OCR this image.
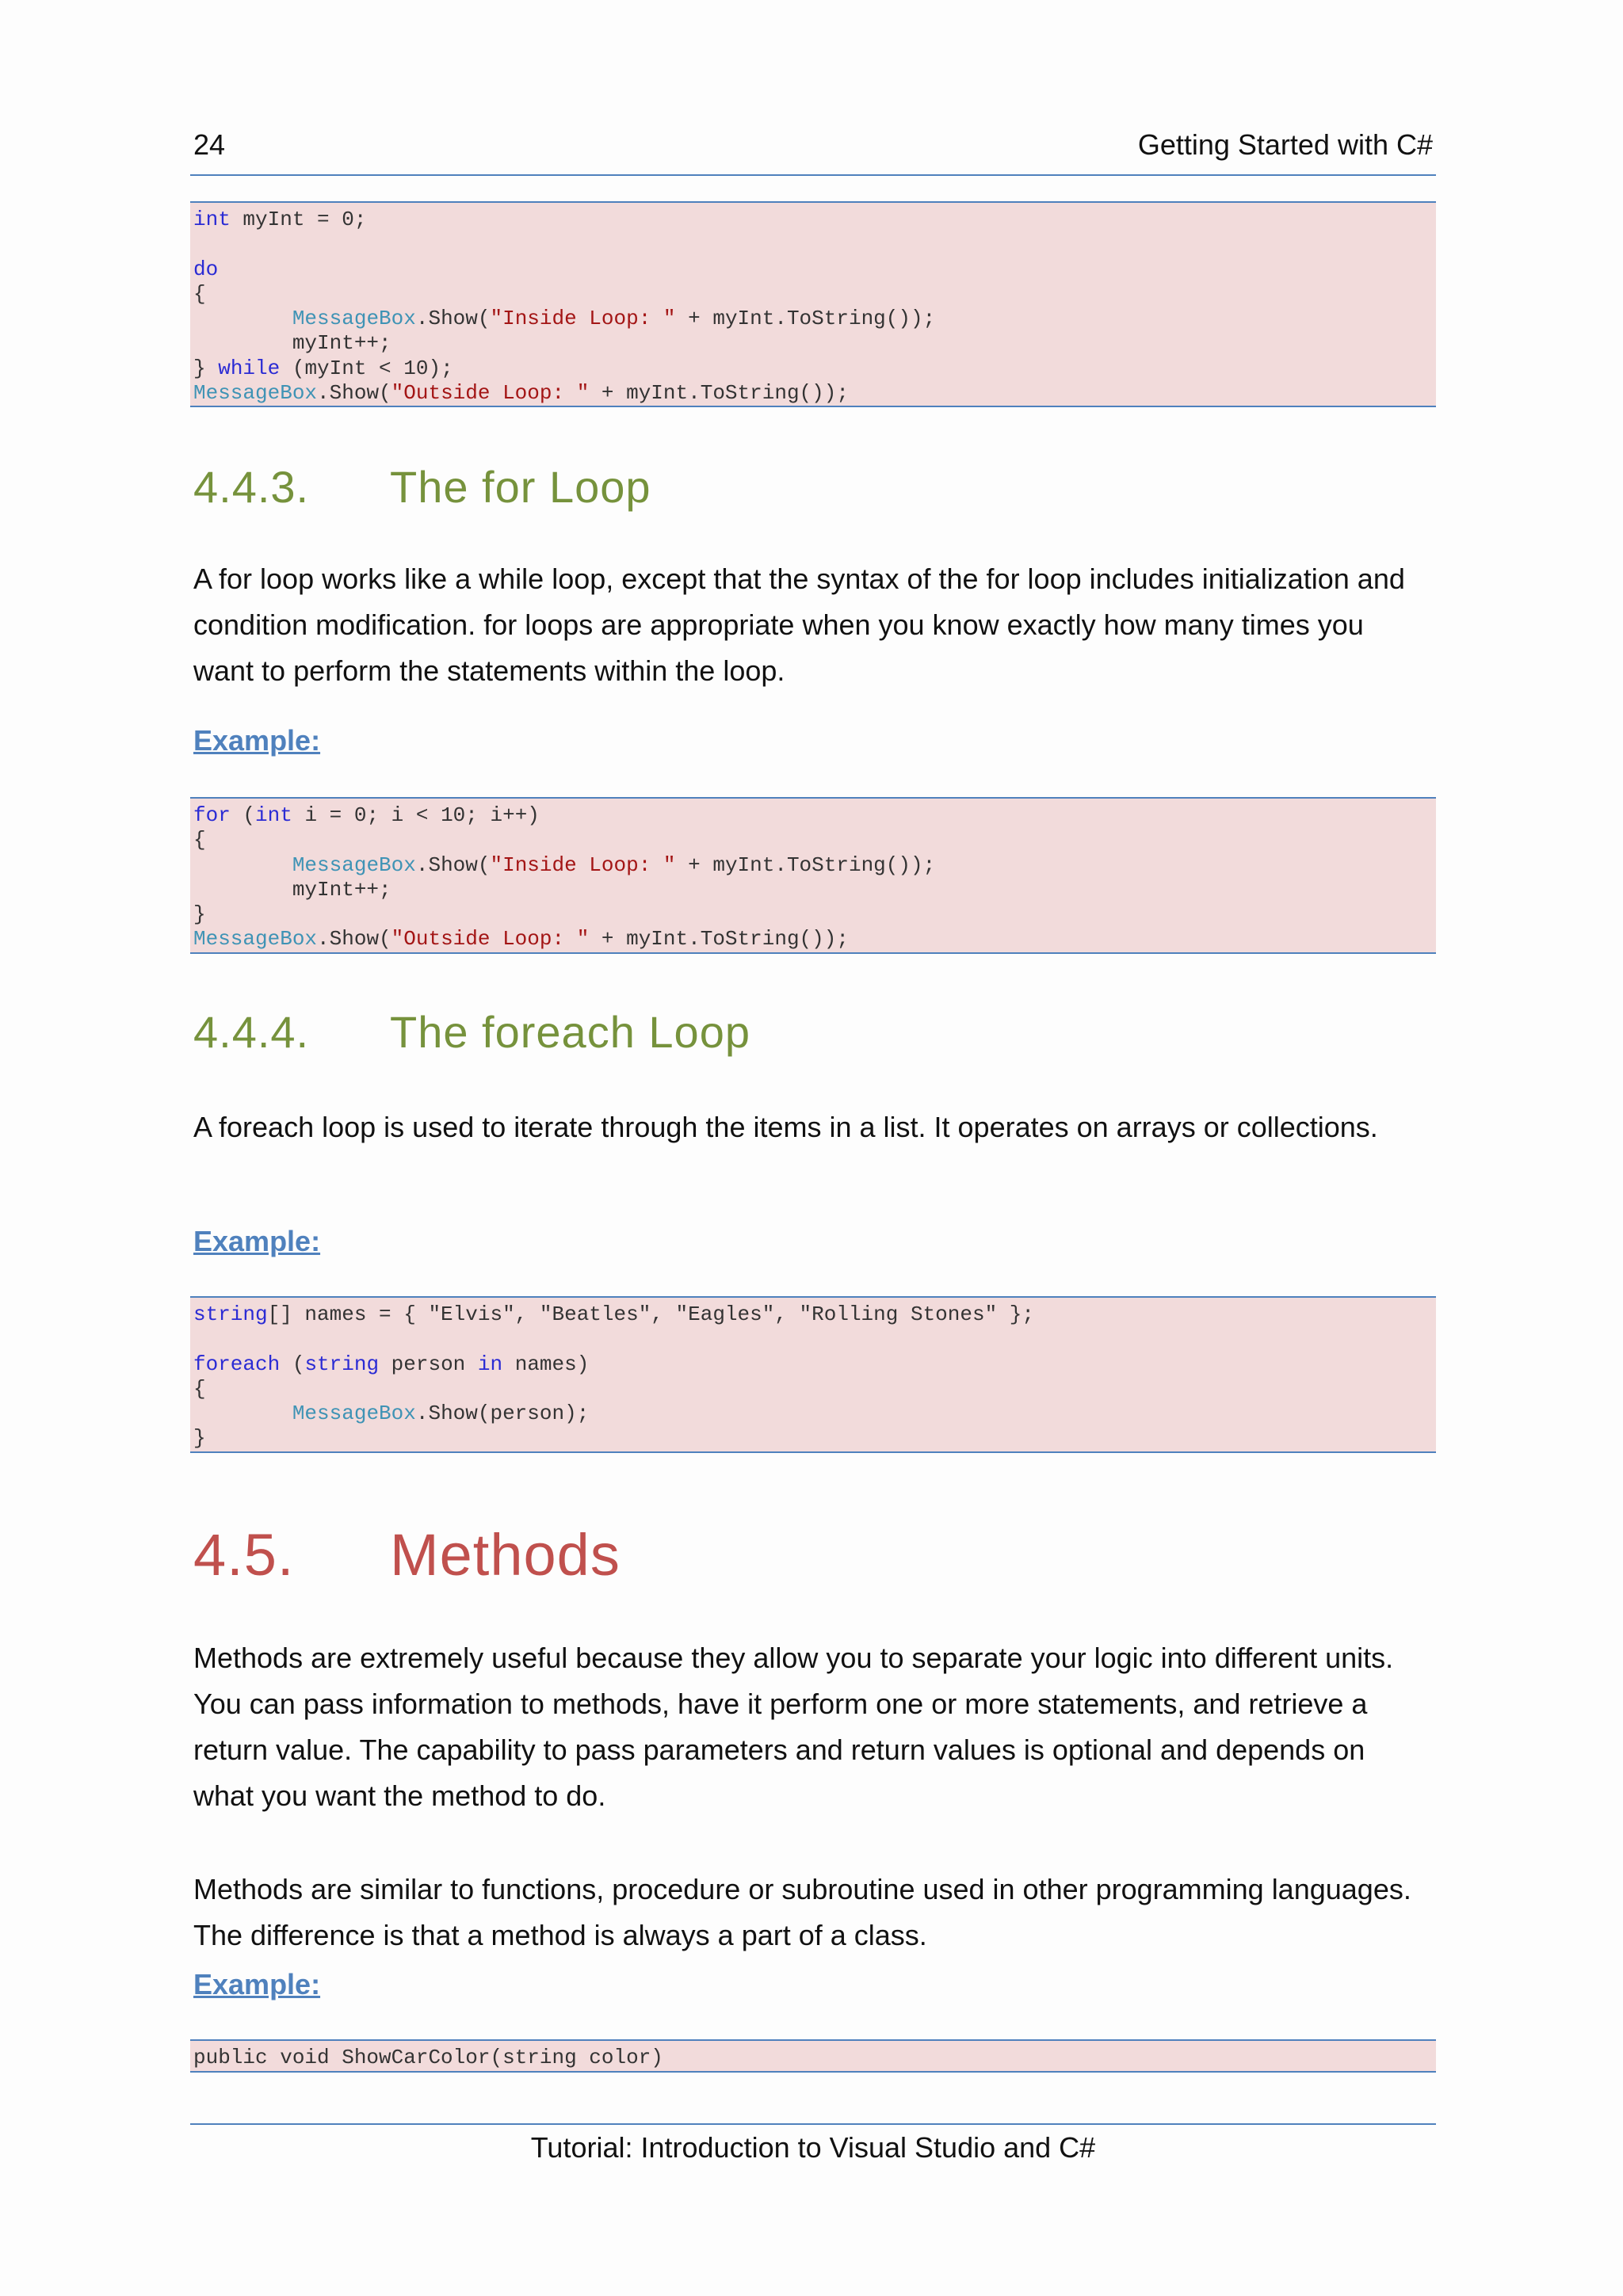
24	Getting Started with C#
int myInt = 0;
do
{
MessageBox.Show("Inside Loop: " + myInt.ToString());
myInt++;
} while (myInt < 10);
MessageBox.Show("Outside Loop: " + myInt.ToString());
4.4.3. The for Loop
A for loop works like a while loop, except that the syntax of the for loop includes initialization and condition modification. for loops are appropriate when you know exactly how many times you want to perform the statements within the loop.
Example:
for (int i = 0; i < 10; i++)
{
MessageBox.Show("Inside Loop: " + myInt.ToString());
myInt++;
}
MessageBox.Show("Outside Loop: " + myInt.ToString());
4.4.4. The foreach Loop
A foreach loop is used to iterate through the items in a list. It operates on arrays or collections.
Example:
string[] names = { "Elvis", "Beatles", "Eagles", "Rolling Stones" };
foreach (string person in names)
{
MessageBox.Show(person);
}
4.5. Methods
Methods are extremely useful because they allow you to separate your logic into different units. You can pass information to methods, have it perform one or more statements, and retrieve a return value. The capability to pass parameters and return values is optional and depends on what you want the method to do.
Methods are similar to functions, procedure or subroutine used in other programming languages. The difference is that a method is always a part of a class.
Example:
public void ShowCarColor(string color)
Tutorial: Introduction to Visual Studio and C#
